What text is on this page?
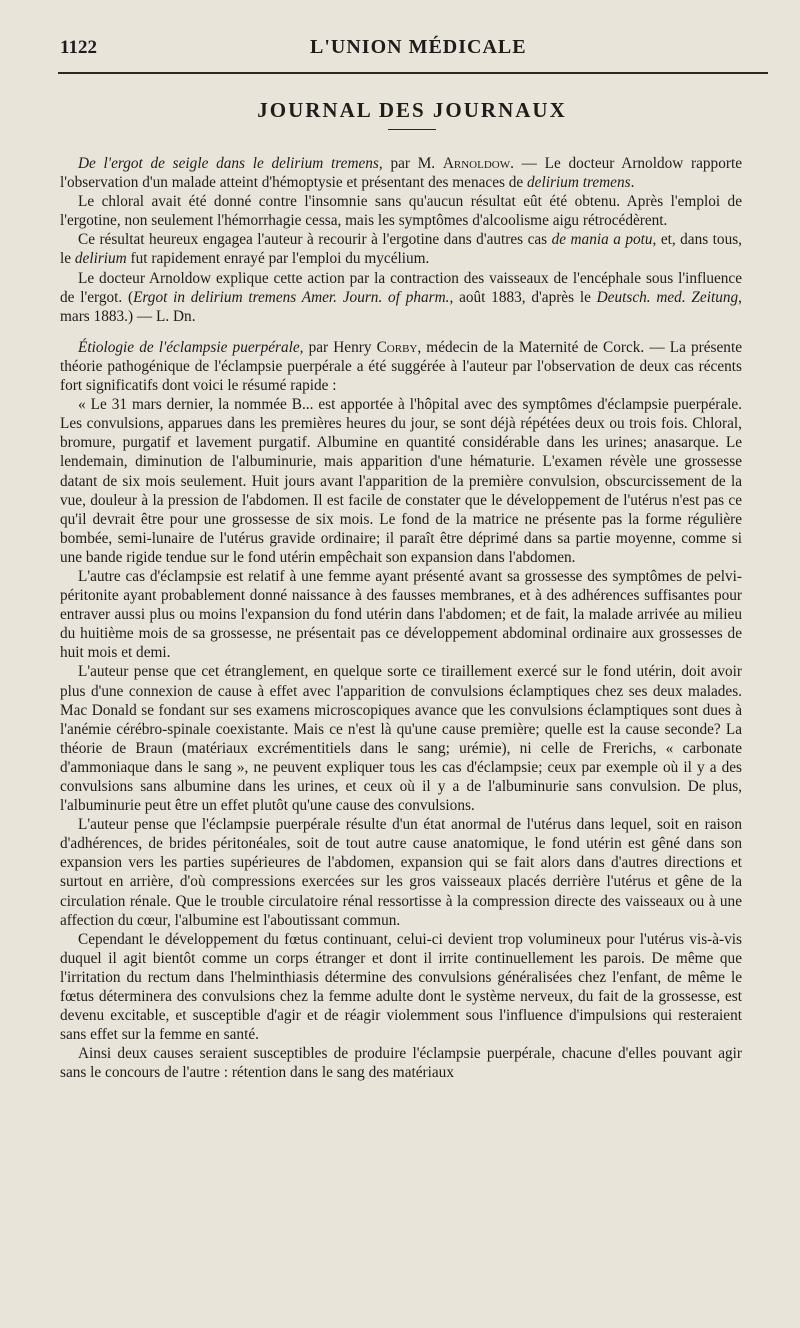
1122	L'UNION MÉDICALE
JOURNAL DES JOURNAUX

De l'ergot de seigle dans le delirium tremens, par M. Arnoldow. — Le docteur Arnoldow rapporte l'observation d'un malade atteint d'hémoptysie et présentant des menaces de delirium tremens.

Le chloral avait été donné contre l'insomnie sans qu'aucun résultat eût été obtenu. Après l'emploi de l'ergotine, non seulement l'hémorrhagie cessa, mais les symptômes d'alcoolisme aigu rétrocédèrent.

Ce résultat heureux engagea l'auteur à recourir à l'ergotine dans d'autres cas de mania a potu, et, dans tous, le delirium fut rapidement enrayé par l'emploi du mycélium.

Le docteur Arnoldow explique cette action par la contraction des vaisseaux de l'encéphale sous l'influence de l'ergot. (Ergot in delirium tremens Amer. Journ. of pharm., août 1883, d'après le Deutsch. med. Zeitung, mars 1883.) — L. Dn.

Étiologie de l'éclampsie puerpérale, par Henry Corby, médecin de la Maternité de Corck. — La présente théorie pathogénique de l'éclampsie puerpérale a été suggérée à l'auteur par l'observation de deux cas récents fort significatifs dont voici le résumé rapide :

« Le 31 mars dernier, la nommée B... est apportée à l'hôpital avec des symptômes d'éclampsie puerpérale. Les convulsions, apparues dans les premières heures du jour, se sont déjà répétées deux ou trois fois. Chloral, bromure, purgatif et lavement purgatif. Albumine en quantité considérable dans les urines; anasarque. Le lendemain, diminution de l'albuminurie, mais apparition d'une hématurie. L'examen révèle une grossesse datant de six mois seulement. Huit jours avant l'apparition de la première convulsion, obscurcissement de la vue, douleur à la pression de l'abdomen. Il est facile de constater que le développement de l'utérus n'est pas ce qu'il devrait être pour une grossesse de six mois. Le fond de la matrice ne présente pas la forme régulière bombée, semi-lunaire de l'utérus gravide ordinaire; il paraît être déprimé dans sa partie moyenne, comme si une bande rigide tendue sur le fond utérin empêchait son expansion dans l'abdomen.

L'autre cas d'éclampsie est relatif à une femme ayant présenté avant sa grossesse des symptômes de pelvi-péritonite ayant probablement donné naissance à des fausses membranes, et à des adhérences suffisantes pour entraver aussi plus ou moins l'expansion du fond utérin dans l'abdomen; et de fait, la malade arrivée au milieu du huitième mois de sa grossesse, ne présentait pas ce développement abdominal ordinaire aux grossesses de huit mois et demi.

L'auteur pense que cet étranglement, en quelque sorte ce tiraillement exercé sur le fond utérin, doit avoir plus d'une connexion de cause à effet avec l'apparition de convulsions éclamptiques chez ses deux malades. Mac Donald se fondant sur ses examens microscopiques avance que les convulsions éclamptiques sont dues à l'anémie cérébro-spinale coexistante. Mais ce n'est là qu'une cause première; quelle est la cause seconde? La théorie de Braun (matériaux excrémentitiels dans le sang; urémie), ni celle de Frerichs, « carbonate d'ammoniaque dans le sang », ne peuvent expliquer tous les cas d'éclampsie; ceux par exemple où il y a des convulsions sans albumine dans les urines, et ceux où il y a de l'albuminurie sans convulsion. De plus, l'albuminurie peut être un effet plutôt qu'une cause des convulsions.

L'auteur pense que l'éclampsie puerpérale résulte d'un état anormal de l'utérus dans lequel, soit en raison d'adhérences, de brides péritonéales, soit de tout autre cause anatomique, le fond utérin est gêné dans son expansion vers les parties supérieures de l'abdomen, expansion qui se fait alors dans d'autres directions et surtout en arrière, d'où compressions exercées sur les gros vaisseaux placés derrière l'utérus et gêne de la circulation rénale. Que le trouble circulatoire rénal ressortisse à la compression directe des vaisseaux ou à une affection du cœur, l'albumine est l'aboutissant commun.

Cependant le développement du fœtus continuant, celui-ci devient trop volumineux pour l'utérus vis-à-vis duquel il agit bientôt comme un corps étranger et dont il irrite continuellement les parois. De même que l'irritation du rectum dans l'helminthiasis détermine des convulsions généralisées chez l'enfant, de même le fœtus déterminera des convulsions chez la femme adulte dont le système nerveux, du fait de la grossesse, est devenu excitable, et susceptible d'agir et de réagir violemment sous l'influence d'impulsions qui resteraient sans effet sur la femme en santé.

Ainsi deux causes seraient susceptibles de produire l'éclampsie puerpérale, chacune d'elles pouvant agir sans le concours de l'autre : rétention dans le sang des matériaux
